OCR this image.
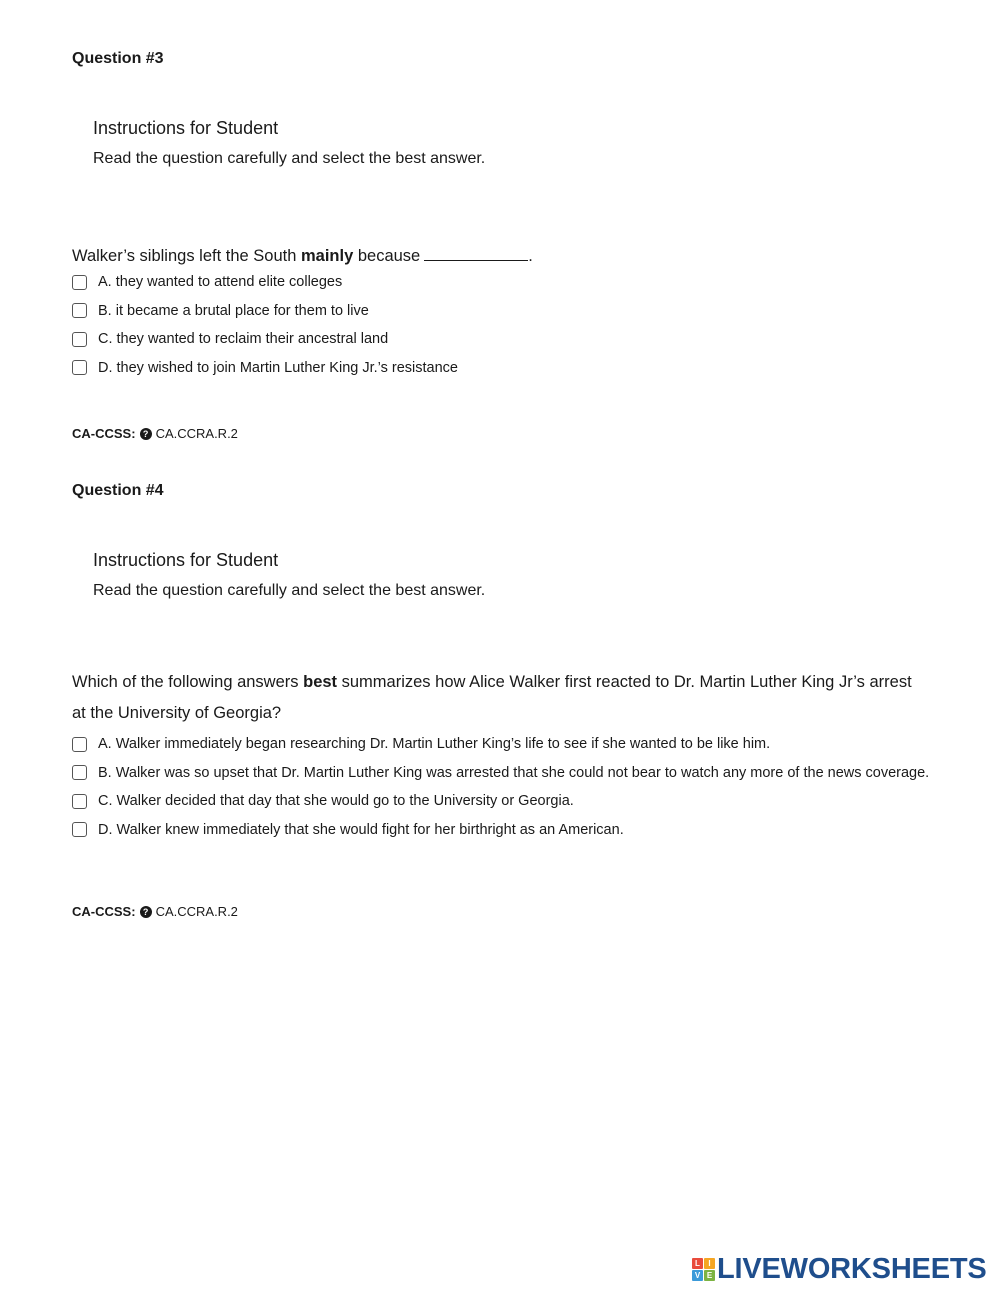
Question #3
Instructions for Student

Read the question carefully and select the best answer.

Walker’s siblings left the South mainly because	.

A. they wanted to attend elite colleges
B. it became a brutal place for them to live
C. they wanted to reclaim their ancestral land
D. they wished to join Martin Luther King Jr.’s resistance
CA-CCSS: ? CA.CCRA.R.2
Question #4
Instructions for Student

Read the question carefully and select the best answer.

Which of the following answers best summarizes how Alice Walker first reacted to Dr. Martin Luther King Jr’s arrest at the University of Georgia?

A. Walker immediately began researching Dr. Martin Luther King’s life to see if she wanted to be like him.
B. Walker was so upset that Dr. Martin Luther King was arrested that she could not bear to watch any more of the news coverage.
C. Walker decided that day that she would go to the University or Georgia.
D. Walker knew immediately that she would fight for her birthright as an American.
CA-CCSS: ? CA.CCRA.R.2
L	I
V E LIVEWORKSHEETS
